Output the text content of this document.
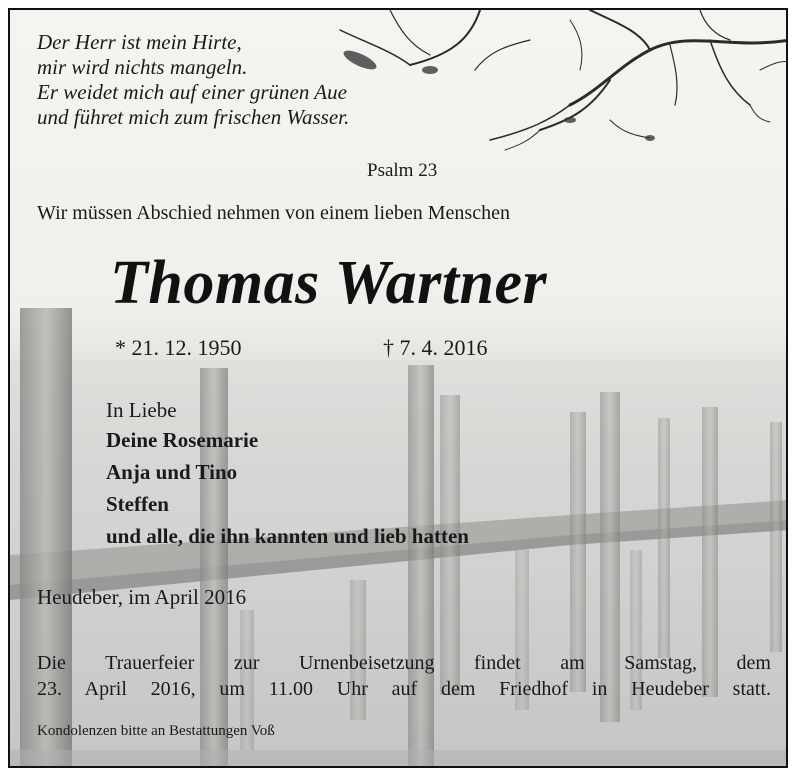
Der Herr ist mein Hirte,
mir wird nichts mangeln.
Er weidet mich auf einer grünen Aue
und führet mich zum frischen Wasser.
Psalm 23
Wir müssen Abschied nehmen von einem lieben Menschen
Thomas Wartner
* 21. 12. 1950	† 7. 4. 2016
In Liebe
Deine Rosemarie
Anja und Tino
Steffen
und alle, die ihn kannten und lieb hatten
Heudeber, im April 2016
Die Trauerfeier zur Urnenbeisetzung findet am Samstag, dem
23. April 2016, um 11.00 Uhr auf dem Friedhof in Heudeber statt.
Kondolenzen bitte an Bestattungen Voß
